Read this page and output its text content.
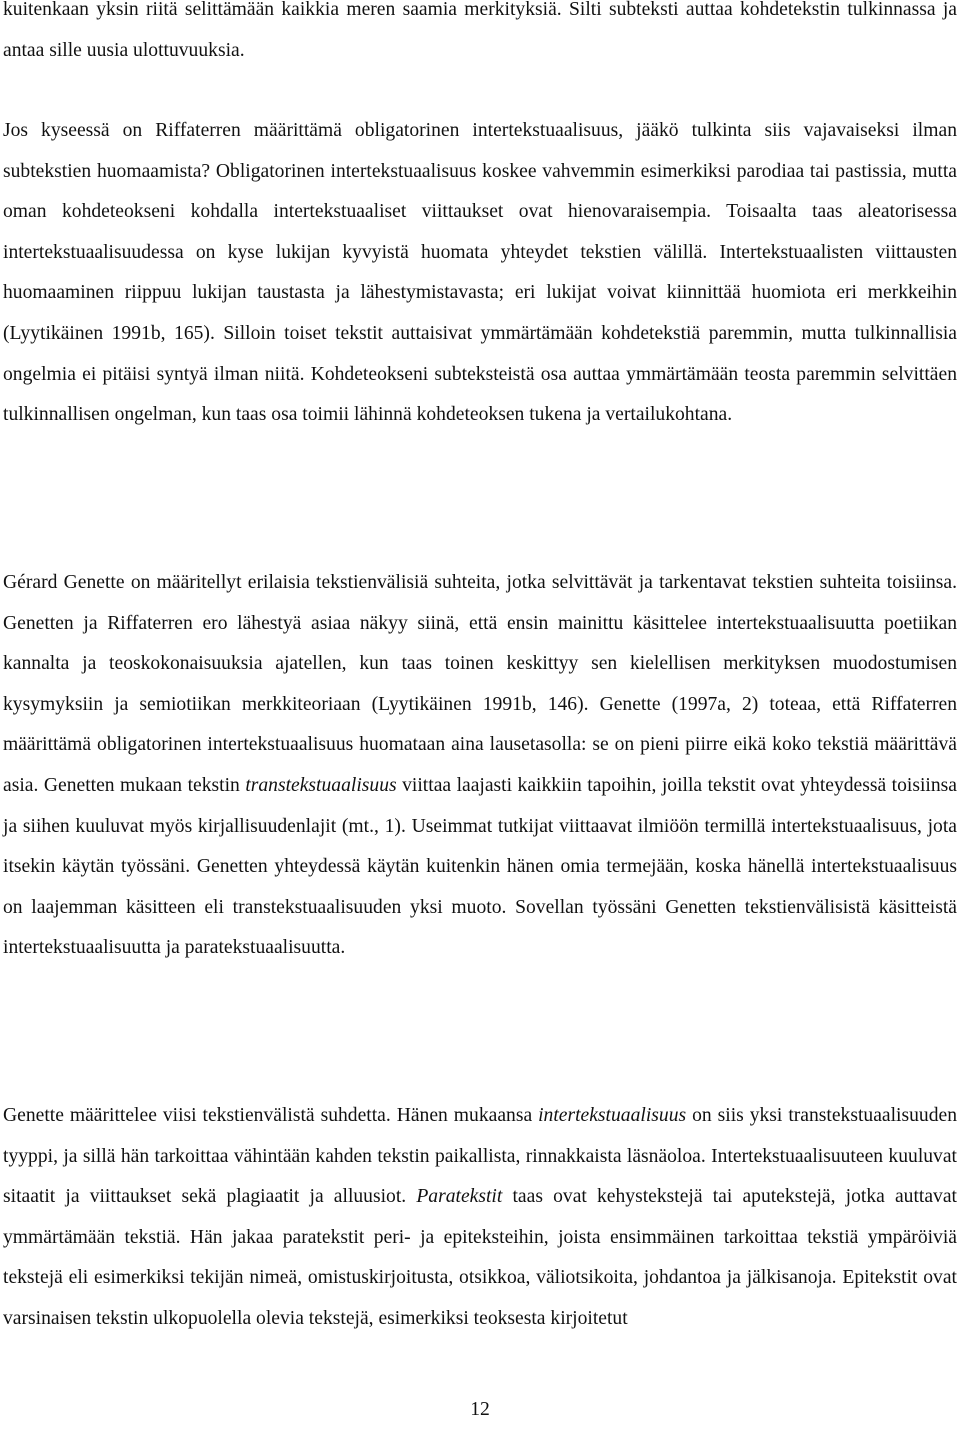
kuitenkaan yksin riitä selittämään kaikkia meren saamia merkityksiä. Silti subteksti auttaa kohdetekstin tulkinnassa ja antaa sille uusia ulottuvuuksia.

Jos kyseessä on Riffaterren määrittämä obligatorinen intertekstuaalisuus, jääkö tulkinta siis vajavaiseksi ilman subtekstien huomaamista? Obligatorinen intertekstuaalisuus koskee vahvemmin esimerkiksi parodiaa tai pastissia, mutta oman kohdeteokseni kohdalla intertekstuaaliset viittaukset ovat hienovaraisempia. Toisaalta taas aleatorisessa intertekstuaalisuudessa on kyse lukijan kyvyistä huomata yhteydet tekstien välillä. Intertekstuaalisten viittausten huomaaminen riippuu lukijan taustasta ja lähestymistavasta; eri lukijat voivat kiinnittää huomiota eri merkkeihin (Lyytikäinen 1991b, 165). Silloin toiset tekstit auttaisivat ymmärtämään kohdetekstiä paremmin, mutta tulkinnallisia ongelmia ei pitäisi syntyä ilman niitä. Kohdeteokseni subteksteistä osa auttaa ymmärtämään teosta paremmin selvittäen tulkinnallisen ongelman, kun taas osa toimii lähinnä kohdeteoksen tukena ja vertailukohtana.

Gérard Genette on määritellyt erilaisia tekstienvälisiä suhteita, jotka selvittävät ja tarkentavat tekstien suhteita toisiinsa. Genetten ja Riffaterren ero lähestyä asiaa näkyy siinä, että ensin mainittu käsittelee intertekstuaalisuutta poetiikan kannalta ja teoskokonaisuuksia ajatellen, kun taas toinen keskittyy sen kielellisen merkityksen muodostumisen kysymyksiin ja semiotiikan merkkiteoriaan (Lyytikäinen 1991b, 146). Genette (1997a, 2) toteaa, että Riffaterren määrittämä obligatorinen intertekstuaalisuus huomataan aina lausetasolla: se on pieni piirre eikä koko tekstiä määrittävä asia. Genetten mukaan tekstin transtekstuaalisuus viittaa laajasti kaikkiin tapoihin, joilla tekstit ovat yhteydessä toisiinsa ja siihen kuuluvat myös kirjallisuudenlajit (mt., 1). Useimmat tutkijat viittaavat ilmiöön termillä intertekstuaalisuus, jota itsekin käytän työssäni. Genetten yhteydessä käytän kuitenkin hänen omia termejään, koska hänellä intertekstuaalisuus on laajemman käsitteen eli transtekstuaalisuuden yksi muoto. Sovellan työssäni Genetten tekstienvälisistä käsitteistä intertekstuaalisuutta ja paratekstuaalisuutta.

Genette määrittelee viisi tekstienvälistä suhdetta. Hänen mukaansa intertekstuaalisuus on siis yksi transtekstuaalisuuden tyyppi, ja sillä hän tarkoittaa vähintään kahden tekstin paikallista, rinnakkaista läsnäoloa. Intertekstuaalisuuteen kuuluvat sitaatit ja viittaukset sekä plagiaatit ja alluusiot. Paratekstit taas ovat kehystekstejä tai aputekstejä, jotka auttavat ymmärtämään tekstiä. Hän jakaa paratekstit peri- ja epiteksteihin, joista ensimmäinen tarkoittaa tekstiä ympäröiviä tekstejä eli esimerkiksi tekijän nimeä, omistuskirjoitusta, otsikkoa, väliotsikoita, johdantoa ja jälkisanoja. Epitekstit ovat varsinaisen tekstin ulkopuolella olevia tekstejä, esimerkiksi teoksesta kirjoitetut

12
